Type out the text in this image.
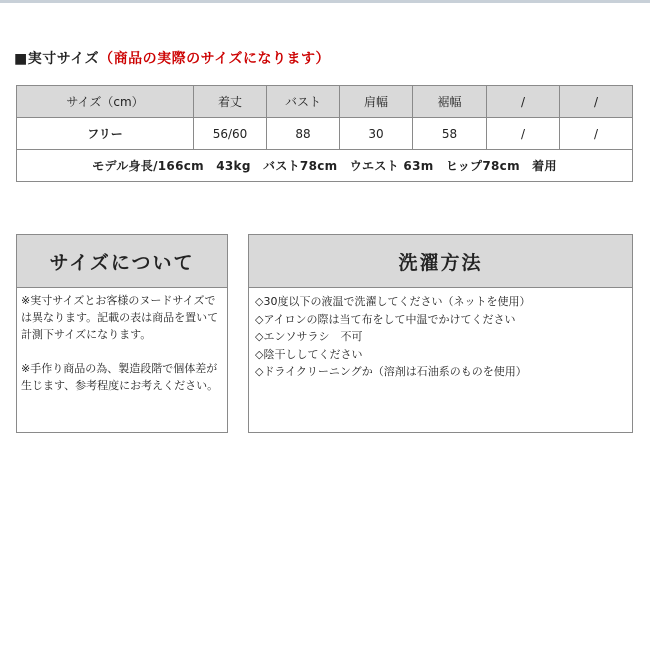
■実寸サイズ（商品の実際のサイズになります）
サイズ（cm）	着丈	バスト	肩幅	裾幅	/	/
フリー	56/60	88	30	58	/	/
モデル身長/166cm　43kg　バスト78cm　ウエスト 63m　ヒップ78cm　着用						
サイズについて

※実寸サイズとお客様のヌードサイズでは異なります。記載の表は商品を置いて計測下サイズになります。

※手作り商品の為、製造段階で個体差が生じます、参考程度にお考えください。

洗濯方法
◇30度以下の液温で洗濯してください（ネットを使用）
◇アイロンの際は当て布をして中温でかけてください
◇エンソサラシ　不可
◇陰干ししてください
◇ドライクリーニングか（溶剤は石油系のものを使用）
